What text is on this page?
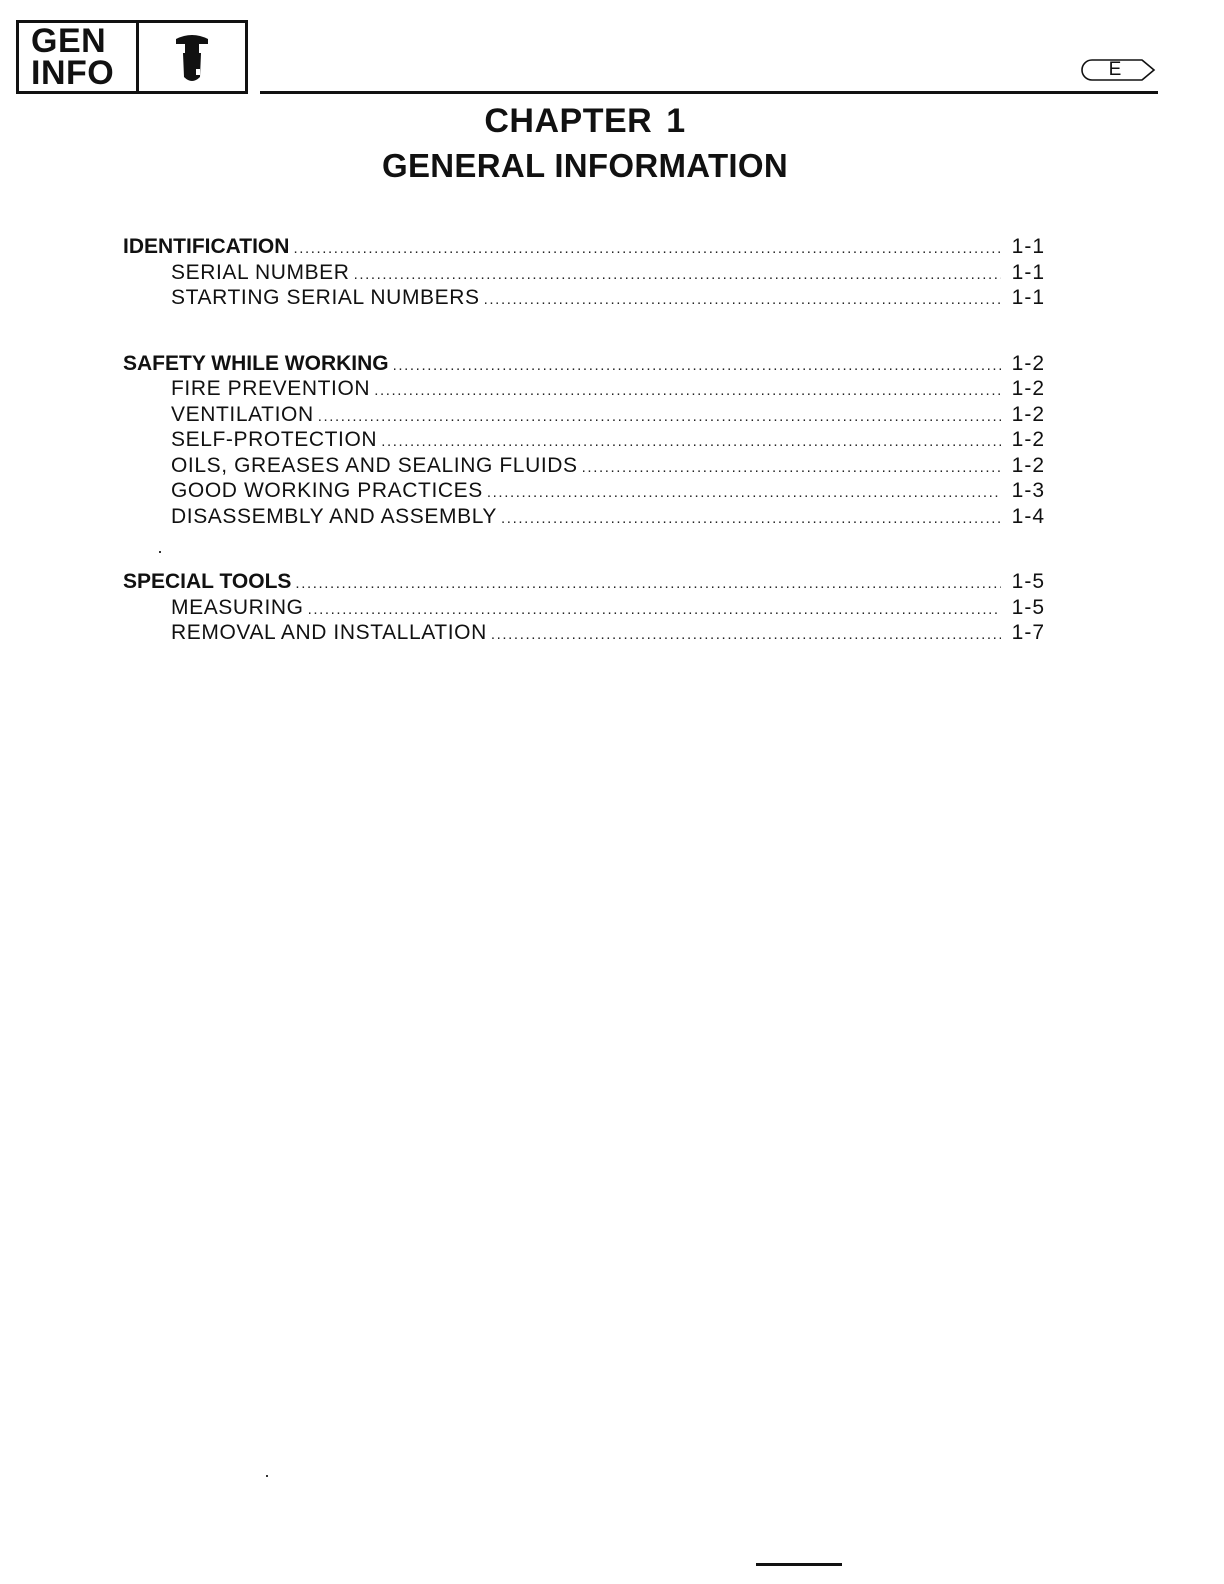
GEN
INFO	E
CHAPTER 1
GENERAL INFORMATION
IDENTIFICATION .....	1-1
SERIAL NUMBER .....	1-1
STARTING SERIAL NUMBERS .....	1-1
SAFETY WHILE WORKING .....	1-2
FIRE PREVENTION .....	1-2
VENTILATION .....	1-2
SELF-PROTECTION .....	1-2
OILS, GREASES AND SEALING FLUIDS .....	1-2
GOOD WORKING PRACTICES .....	1-3
DISASSEMBLY AND ASSEMBLY .....	1-4
SPECIAL TOOLS .....	1-5
MEASURING .....	1-5
REMOVAL AND INSTALLATION .....	1-7
